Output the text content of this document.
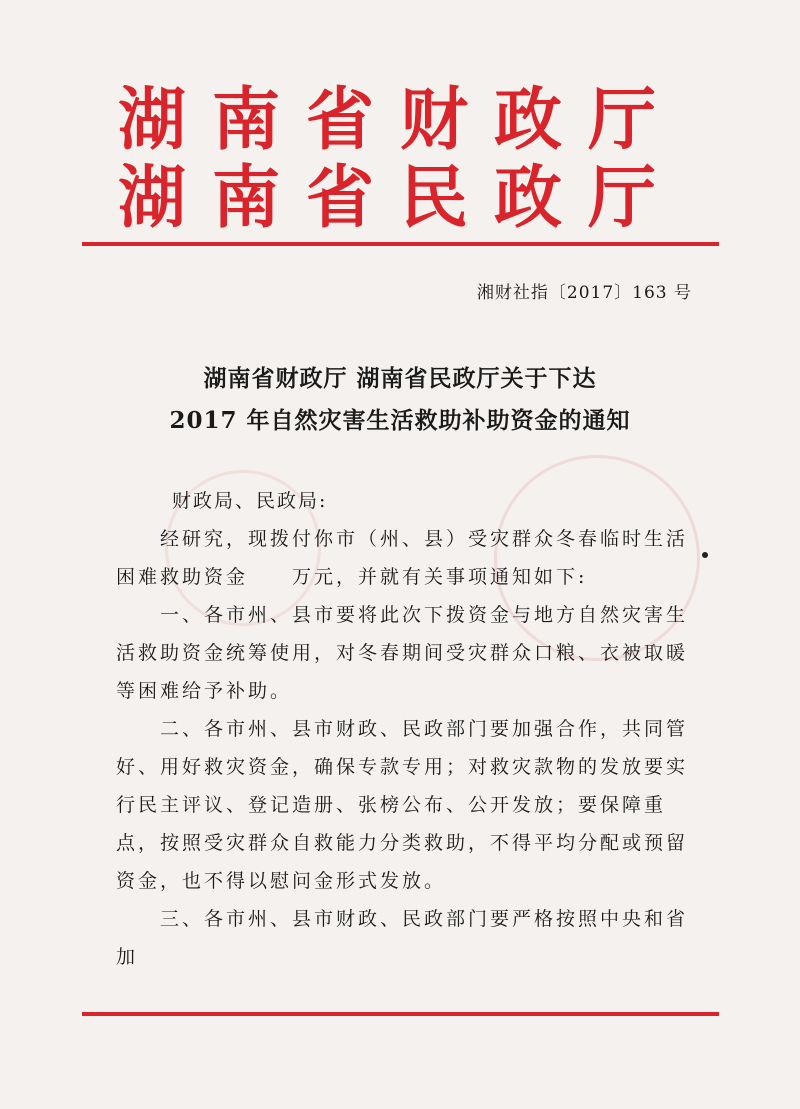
湖南省财政厅
湖南省民政厅
湘财社指〔2017〕163 号
湖南省财政厅 湖南省民政厅关于下达
2017 年自然灾害生活救助补助资金的通知
财政局、民政局:

经研究，现拨付你市（州、县）受灾群众冬春临时生活困难救助资金　　万元，并就有关事项通知如下:

一、各市州、县市要将此次下拨资金与地方自然灾害生活救助资金统筹使用，对冬春期间受灾群众口粮、衣被取暖等困难给予补助。

二、各市州、县市财政、民政部门要加强合作，共同管好、用好救灾资金，确保专款专用；对救灾款物的发放要实行民主评议、登记造册、张榜公布、公开发放；要保障重点，按照受灾群众自救能力分类救助，不得平均分配或预留资金，也不得以慰问金形式发放。

三、各市州、县市财政、民政部门要严格按照中央和省加
